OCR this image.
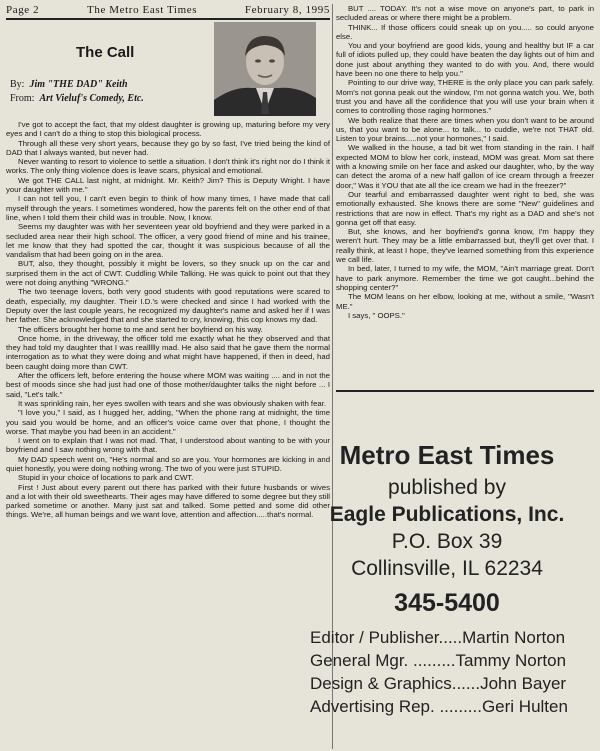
Page 2	The Metro East Times	February 8, 1995
The Call
By: Jim "THE DAD" Keith
From: Art Vieluf's Comedy, Etc.

I've got to accept the fact, that my oldest daughter is growing up, maturing before my very eyes and I can't do a thing to stop this biological process.

Through all these very short years, because they go by so fast, I've tried being the kind of DAD that I always wanted, but never had.

Never wanting to resort to violence to settle a situation. I don't think it's right nor do I think it works. The only thing violence does is leave scars, physical and emotional.

We got THE CALL last night, at midnight. Mr. Keith? Jim? This is Deputy Wright. I have your daughter with me."

I can not tell you, I can't even begin to think of how many times, I have made that call myself through the years. I sometimes wondered, how the parents felt on the other end of that line, when I told them their child was in trouble. Now, I know.

Seems my daughter was with her seventeen year old boyfriend and they were parked in a secluded area near their high school. The officer, a very good friend of mine and his trainee, let me know that they had spotted the car, thought it was suspicious because of all the vandalism that had been going on in the area.

BUT, also, they thought, possibly it might be lovers, so they snuck up on the car and surprised them in the act of CWT. Cuddling While Talking. He was quick to point out that they were not doing anything "WRONG."

The two teenage lovers, both very good students with good reputations were scared to death, especially, my daughter. Their I.D.'s were checked and since I had worked with the Deputy over the last couple years, he recognized my daughter's name and asked her if I was her father. She acknowledged that and she started to cry, knowing, this cop knows my dad.

The officers brought her home to me and sent her boyfriend on his way.

Once home, in the driveway, the officer told me exactly what he they observed and that they had told my daughter that I was reallllly mad. He also said that he gave them the normal interrogation as to what they were doing and what might have happened, if then in deed, had been caught doing more than CWT.

After the officers left, before entering the house where MOM was waiting .... and in not the best of moods since she had just had one of those mother/daughter talks the night before ... I said, "Let's talk."

It was sprinkling rain, her eyes swollen with tears and she was obviously shaken with fear.

"I love you," I said, as I hugged her, adding, "When the phone rang at midnight, the time you said you would be home, and an officer's voice came over that phone, I thought the worse. That maybe you had been in an accident."

I went on to explain that I was not mad. That, I understood about wanting to be with your boyfriend and I saw nothing wrong with that.

My DAD speech went on, "He's normal and so are you. Your hormones are kicking in and quiet honestly, you were doing nothing wrong. The two of you were just STUPID.

Stupid in your choice of locations to park and CWT.

First ! Just about every parent out there has parked with their future husbands or wives and a lot with their old sweethearts. Their ages may have differed to some degree but they still parked sometime or another. Many just sat and talked. Some petted and some did other things. We're, all human beings and we want love, attention and affection.....that's normal.

BUT .... TODAY. It's not a wise move on anyone's part, to park in secluded areas or where there might be a problem.

THINK... If those officers could sneak up on you..... so could anyone else.

You and your boyfriend are good kids, young and healthy but IF a car full of idiots pulled up, they could have beaten the day lights out of him and done just about anything they wanted to do with you. And, there would have been no one there to help you."

Pointing to our drive way, THERE is the only place you can park safely. Mom's not gonna peak out the window, I'm not gonna watch you. We, both trust you and have all the confidence that you will use your brain when it comes to controlling those raging hormones."

We both realize that there are times when you don't want to be around us, that you want to be alone... to talk... to cuddle, we're not THAT old. Listen to your brains.....not your hormones," I said.

We walked in the house, a tad bit wet from standing in the rain. I half expected MOM to blow her cork, instead, MOM was great. Mom sat there with a knowing smile on her face and asked our daughter, who, by the way can detect the aroma of a new half gallon of ice cream through a freezer door," Was it YOU that ate all the ice cream we had in the freezer?"

Our tearful and embarrassed daughter went right to bed, she was emotionally exhausted. She knows there are some "New" guidelines and restrictions that are now in effect. That's my right as a DAD and she's not gonna get off that easy.

But, she knows, and her boyfriend's gonna know, I'm happy they weren't hurt. They may be a little embarrassed but, they'll get over that. I really think, at least I hope, they've learned something from this experience we call life.

In bed, later, I turned to my wife, the MOM, "Ain't marriage great. Don't have to park anymore. Remember the time we got caught...behind the shopping center?"

The MOM leans on her elbow, looking at me, without a smile, "Wasn't ME."

I says, " OOPS."

Metro East Times
published by
Eagle Publications, Inc.
P.O. Box 39
Collinsville, IL 62234
345-5400
Editor / Publisher.....Martin Norton
General Mgr. .........Tammy Norton
Design & Graphics......John Bayer
Advertising Rep. .........Geri Hulten
